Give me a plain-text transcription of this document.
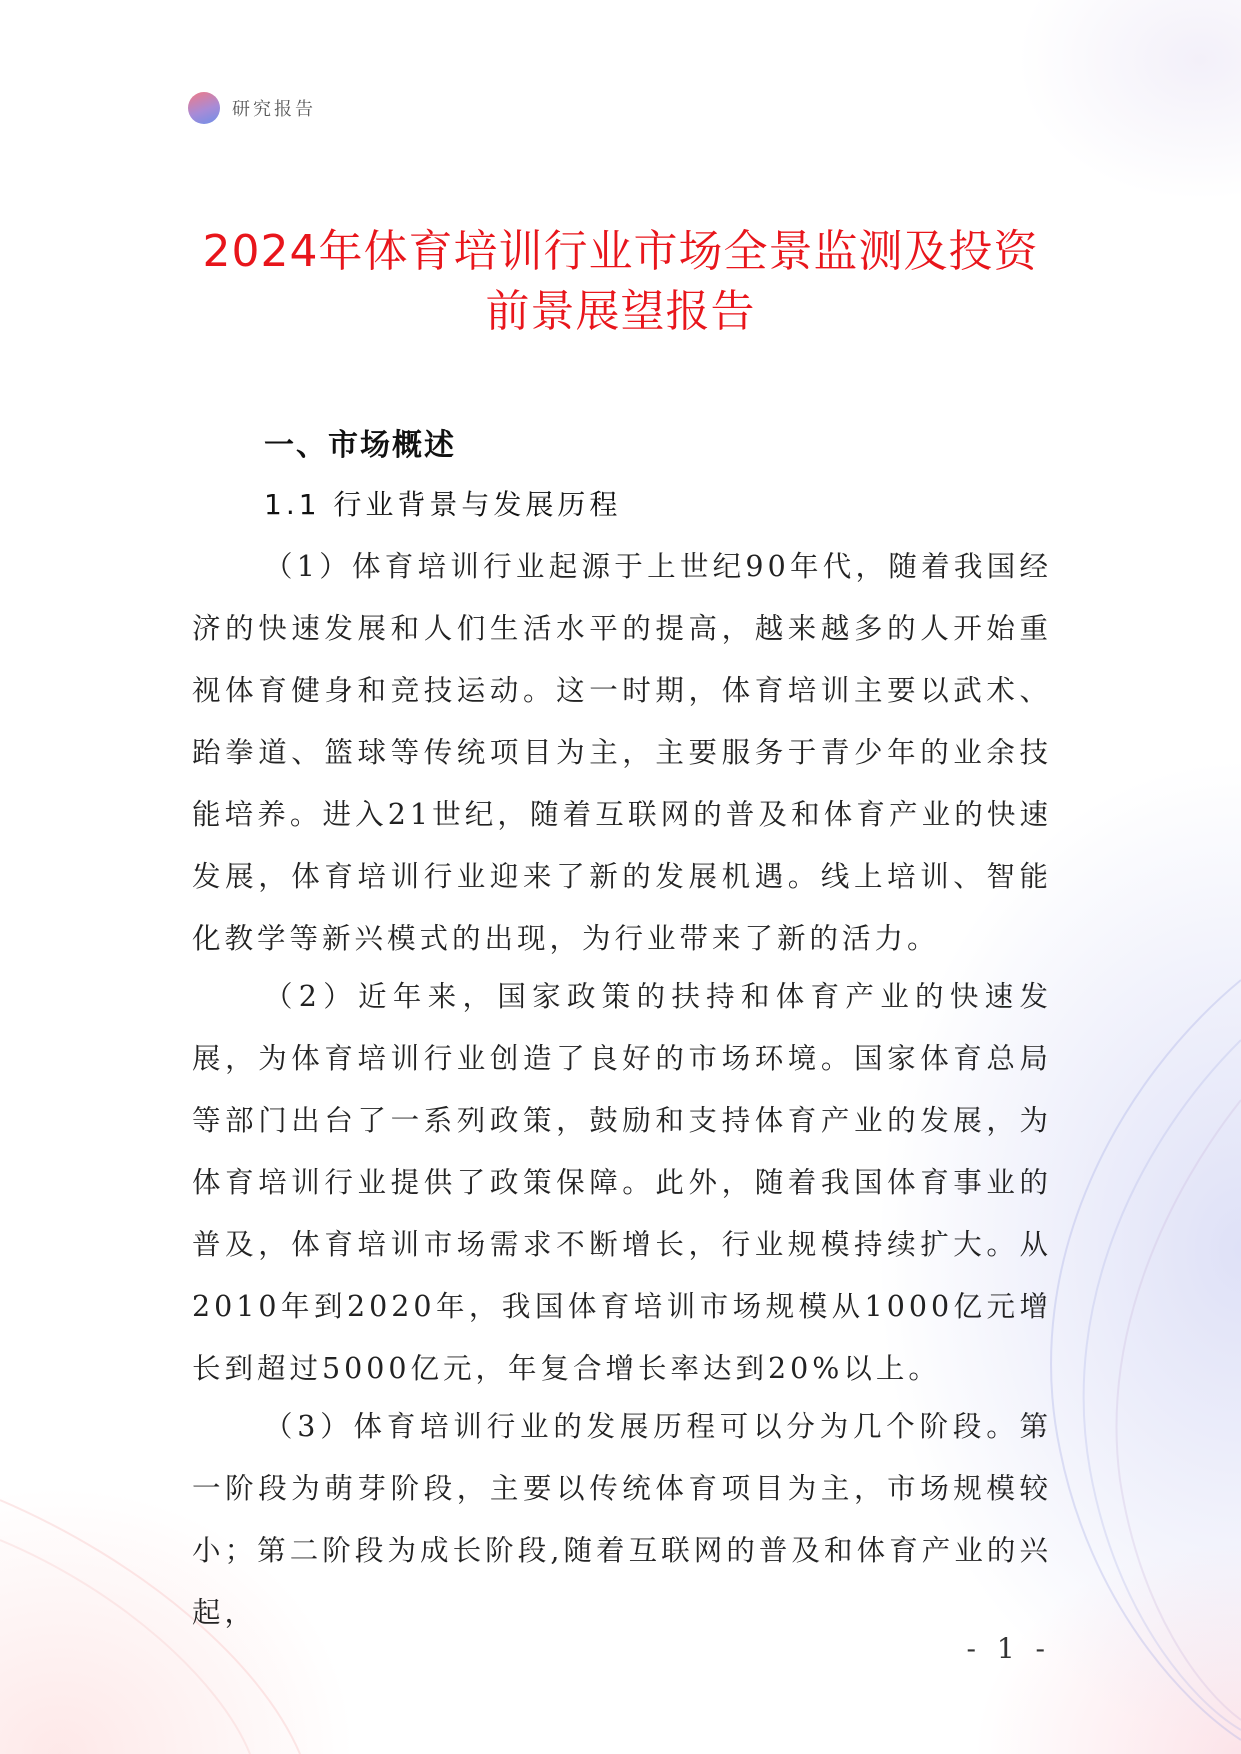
研究报告
2024年体育培训行业市场全景监测及投资
前景展望报告
一、市场概述
1.1 行业背景与发展历程

（1）体育培训行业起源于上世纪90年代，随着我国经济的快速发展和人们生活水平的提高，越来越多的人开始重视体育健身和竞技运动。这一时期，体育培训主要以武术、跆拳道、篮球等传统项目为主，主要服务于青少年的业余技能培养。进入21世纪，随着互联网的普及和体育产业的快速发展，体育培训行业迎来了新的发展机遇。线上培训、智能化教学等新兴模式的出现，为行业带来了新的活力。

（2）近年来，国家政策的扶持和体育产业的快速发展，为体育培训行业创造了良好的市场环境。国家体育总局等部门出台了一系列政策，鼓励和支持体育产业的发展，为体育培训行业提供了政策保障。此外，随着我国体育事业的普及，体育培训市场需求不断增长，行业规模持续扩大。从2010年到2020年，我国体育培训市场规模从1000亿元增长到超过5000亿元，年复合增长率达到20%以上。

（3）体育培训行业的发展历程可以分为几个阶段。第一阶段为萌芽阶段，主要以传统体育项目为主，市场规模较小；第二阶段为成长阶段,随着互联网的普及和体育产业的兴起，

- 1 -
